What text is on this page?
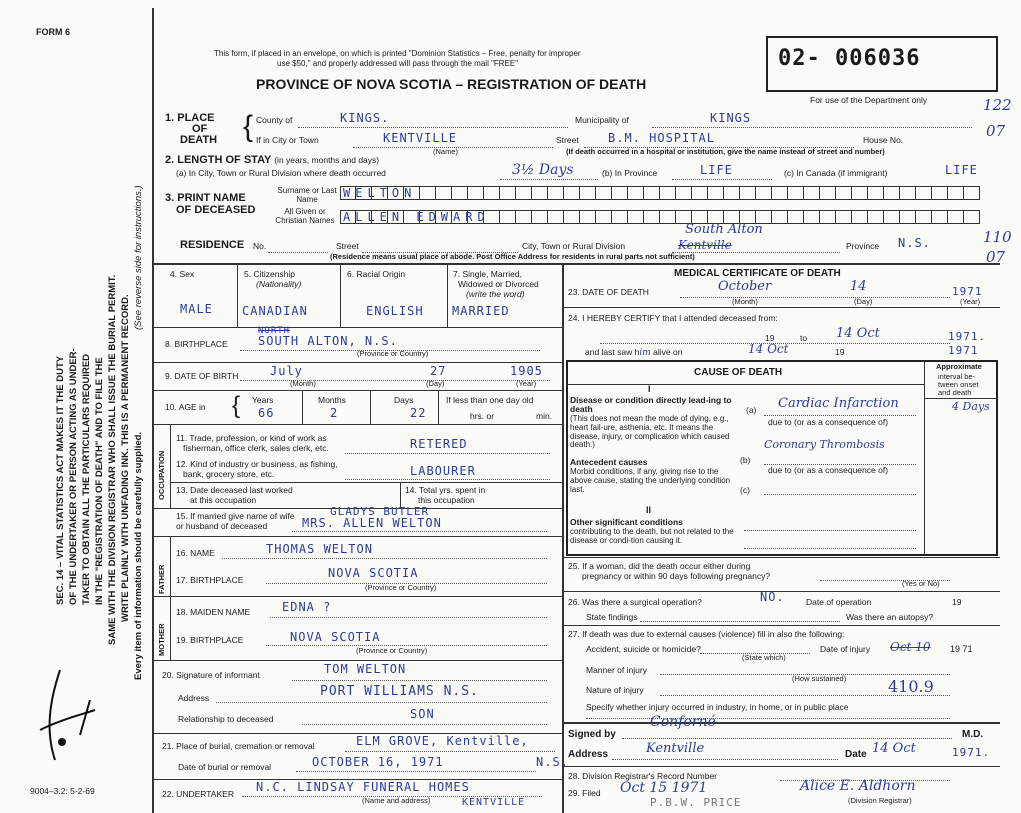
FORM 6
SEC. 14 – VITAL STATISTICS ACT MAKES IT THE DUTY OF THE UNDERTAKER OR PERSON ACTING AS UNDER- TAKER TO OBTAIN ALL THE PARTICULARS REQUIRED IN THE "REGISTRATION OF DEATH" AND TO FILE THE SAME WITH THE DIVISION REGISTRAR WHO SHALL ISSUE THE BURIAL PERMIT. WRITE PLAINLY WITH UNFADING INK. THIS IS A PERMANENT RECORD.
(See reverse side for instructions.)
Every item of information should be carefully supplied.
9004–3.2: 5-2-69
This form, if placed in an envelope, on which is printed "Dominion Statistics – Free, penalty for improper
use $50," and properly addressed will pass through the mail "FREE"
PROVINCE OF NOVA SCOTIA – REGISTRATION OF DEATH
02- 006036
For use of the Department only	122
07
110
07
1. PLACE
OF
DEATH { County of	KINGS.	Municipality of	KINGS
If in City or Town	KENTVILLE
(Name)
Street B.M. HOSPITAL	House No.
(If death occurred in a hospital or institution, give the name instead of street and number)
2. LENGTH OF STAY (in years, months and days)
(a) In City, Town or Rural Division where death occurred	3½ Days	(b) In Province	LIFE	(c) In Canada (if immigrant)	LIFE
3. PRINT NAME
OF DECEASED
Surname or Last Name	WELTON
All Given or Christian Names ALLEN EDWARD
RESIDENCE No.	Street	City, Town or Rural Division
South Alton
Kentville	Province N.S.
(Residence means usual place of abode. Post Office Address for residents in rural parts not sufficient)
4. Sex
MALE
5. Citizenship
(Nationality)
CANADIAN
6. Racial Origin
ENGLISH
7. Single, Married,
Widowed or Divorced
(write the word)
MARRIED
8. BIRTHPLACE
NORTH
SOUTH ALTON, N.S.
(Province or Country)
9. DATE OF BIRTH	July	27	1905
(Month)	(Day)	(Year)
10. AGE in { Years	Months	Days
66	2	22
If less than one day old
hrs. or	min.
OCCUPATION
11. Trade, profession, or kind of work as
fisherman, office clerk, sales clerk, etc.	RETERED
12. Kind of industry or business, as fishing,
bank, grocery store, etc.	LABOURER
13. Date deceased last worked
at this occupation
14. Total yrs. spent in
this occupation
15. If married give name of wife
or husband of deceased
GLADYS BUTLER
MRS. ALLEN WELTON
FATHER
MOTHER
16. NAME	THOMAS WELTON
17. BIRTHPLACE	NOVA SCOTIA
(Province or Country)
18. MAIDEN NAME	EDNA ?
19. BIRTHPLACE	NOVA SCOTIA
(Province or Country)
20. Signature of informant	TOM WELTON
Address	PORT WILLIAMS N.S.
Relationship to deceased	SON
21. Place of burial, cremation or removal	ELM GROVE, Kentville,
Date of burial or removal	OCTOBER 16, 1971	N.S.
22. UNDERTAKER N.C. LINDSAY FUNERAL HOMES
(Name and address)	KENTVILLE
MEDICAL CERTIFICATE OF DEATH
23. DATE OF DEATH	October	14	1971
(Month)	(Day)	(Year)
24. I HEREBY CERTIFY that I attended deceased from:
19	to 14 Oct	1971.
and last saw him alive on	14 Oct	19	1971
CAUSE OF DEATH
Approximate
interval be-
tween onset
and death
I
Disease or condition directly lead-ing to death
(This does not mean the mode of dying, e.g., heart fail-ure, asthenia, etc. It means the disease, injury, or complication which caused death.)
(a) Cardiac Infarction	4 Days
due to (or as a consequence of)
Antecedent causes
Morbid conditions, if any, giving rise to the above cause, stating the underlying condition last.
Coronary Thrombosis
(b)
due to (or as a consequence of)
(c)
II
Other significant conditions
contributing to the death, but not related to the disease or condi-tion causing it.
25. If a woman, did the death occur either during
pregnancy or within 90 days following pregnancy?
(Yes or No)
26. Was there a surgical operation?	NO.	Date of operation	19
State findings	Was there an autopsy?
27. If death was due to external causes (violence) fill in also the following:
Accident, suicide or homicide?
(State which)
Date of injury Oct 10 19 71
Manner of injury
(How sustained)
Nature of injury	410.9
Specify whether injury occurred in industry, in home, or in public place
Signed by
Conforné
M.D.
Address	Kentville	Date 14 Oct	1971.
28. Division Registrar's Record Number
29. Filed Oct 15 1971	Alice E. Aldhorn
(Division Registrar)
P.B.W. PRICE
